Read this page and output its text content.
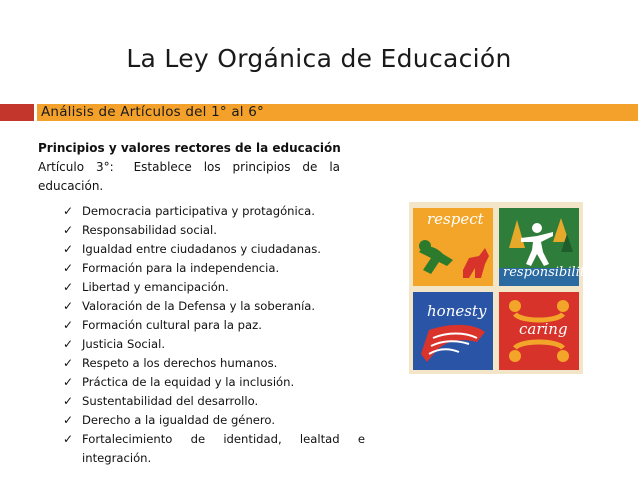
La Ley Orgánica de Educación
Análisis de Artículos del 1° al 6°
Principios y valores rectores de la educación
Artículo 3°: Establece los principios de la educación.
✓ Democracia participativa y protagónica.
✓ Responsabilidad social.
✓ Igualdad entre ciudadanos y ciudadanas.
✓ Formación para la independencia.
✓ Libertad y emancipación.
✓ Valoración de la Defensa y la soberanía.
✓ Formación cultural para la paz.
✓ Justicia Social.
✓ Respeto a los derechos humanos.
✓ Práctica de la equidad y la inclusión.
✓ Sustentabilidad del desarrollo.
✓ Derecho a la igualdad de género.
✓ Fortalecimiento de identidad, lealtad e
integración.
respect
responsibility
honesty
caring
